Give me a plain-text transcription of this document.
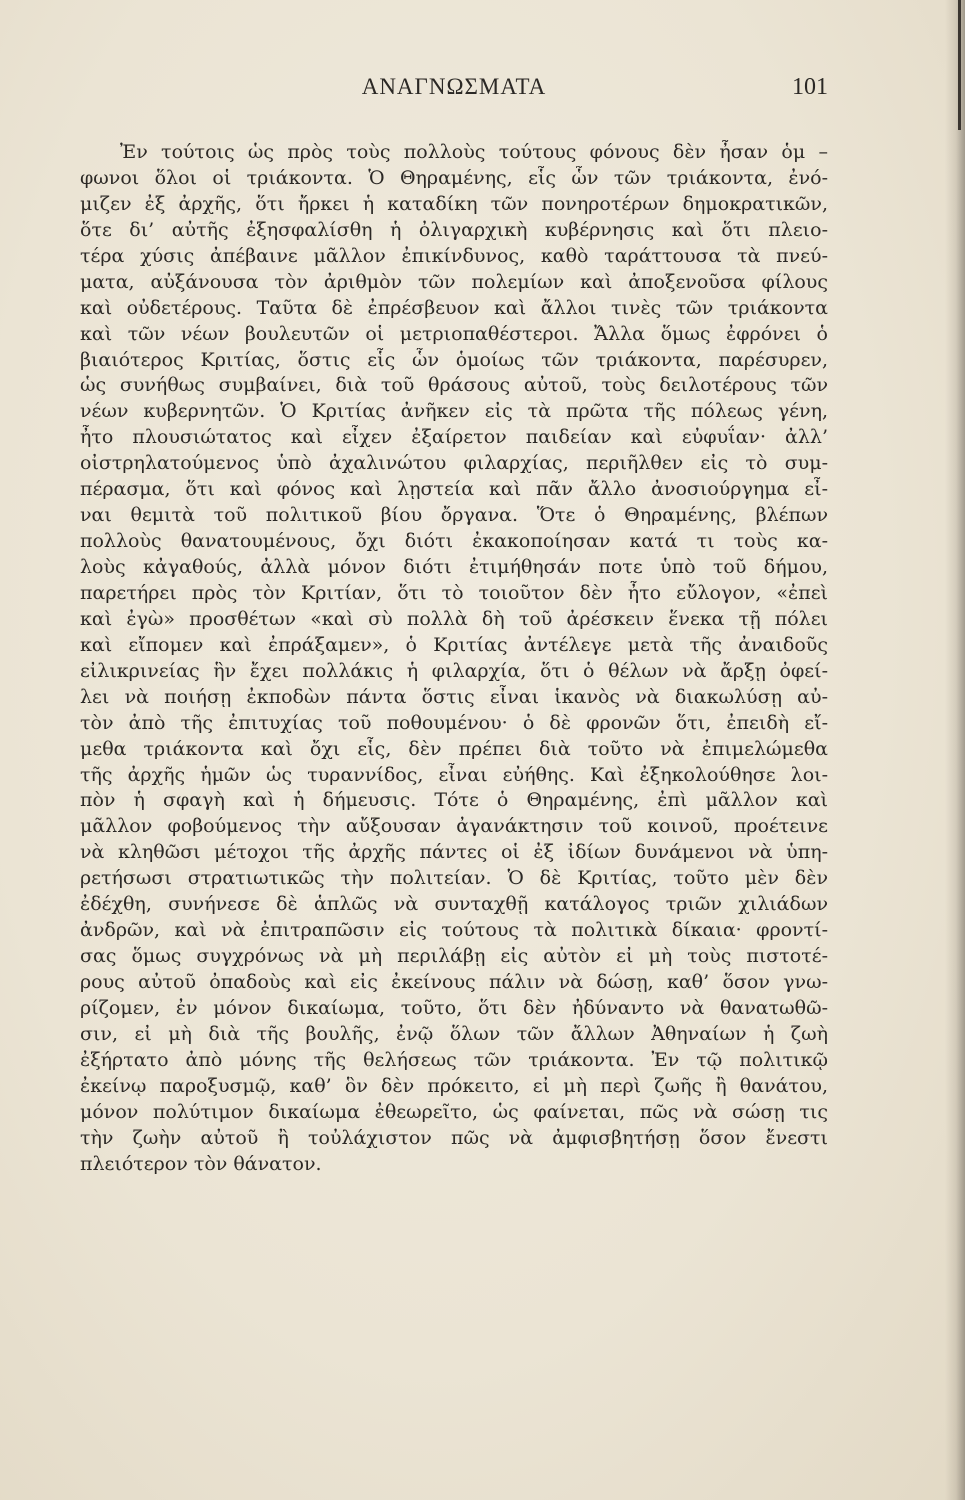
ΑΝΑΓΝΩΣΜΑΤΑ	101
Ἐν τούτοις ὡς πρὸς τοὺς πολλοὺς τούτους φόνους δὲν ἦσαν ὁμ –
φωνοι ὅλοι οἱ τριάκοντα. Ὁ Θηραμένης, εἷς ὧν τῶν τριάκοντα, ἐνό-
μιζεν ἐξ ἀρχῆς, ὅτι ἤρκει ἡ καταδίκη τῶν πονηροτέρων δημοκρατικῶν,
ὅτε δι’ αὐτῆς ἐξησφαλίσθη ἡ ὀλιγαρχικὴ κυβέρνησις καὶ ὅτι πλειο-
τέρα χύσις ἀπέβαινε μᾶλλον ἐπικίνδυνος, καθὸ ταράττουσα τὰ πνεύ-
ματα, αὐξάνουσα τὸν ἀριθμὸν τῶν πολεμίων καὶ ἀποξενοῦσα φίλους
καὶ οὐδετέρους. Ταῦτα δὲ ἐπρέσβευον καὶ ἄλλοι τινὲς τῶν τριάκοντα
καὶ τῶν νέων βουλευτῶν οἱ μετριοπαθέστεροι. Ἄλλα ὅμως ἐφρόνει ὁ
βιαιότερος Κριτίας, ὅστις εἷς ὧν ὁμοίως τῶν τριάκοντα, παρέσυρεν,
ὡς συνήθως συμβαίνει, διὰ τοῦ θράσους αὐτοῦ, τοὺς δειλοτέρους τῶν
νέων κυβερνητῶν. Ὁ Κριτίας ἀνῆκεν εἰς τὰ πρῶτα τῆς πόλεως γένη,
ἦτο πλουσιώτατος καὶ εἶχεν ἐξαίρετον παιδείαν καὶ εὐφυΐαν· ἀλλ’
οἰστρηλατούμενος ὑπὸ ἀχαλινώτου φιλαρχίας, περιῆλθεν εἰς τὸ συμ-
πέρασμα, ὅτι καὶ φόνος καὶ λῃστεία καὶ πᾶν ἄλλο ἀνοσιούργημα εἶ-
ναι θεμιτὰ τοῦ πολιτικοῦ βίου ὄργανα. Ὅτε ὁ Θηραμένης, βλέπων
πολλοὺς θανατουμένους, ὄχι διότι ἐκακοποίησαν κατά τι τοὺς κα-
λοὺς κἀγαθούς, ἀλλὰ μόνον διότι ἐτιμήθησάν ποτε ὑπὸ τοῦ δήμου,
παρετήρει πρὸς τὸν Κριτίαν, ὅτι τὸ τοιοῦτον δὲν ἦτο εὔλογον, «ἐπεὶ
καὶ ἐγὼ» προσθέτων «καὶ σὺ πολλὰ δὴ τοῦ ἀρέσκειν ἕνεκα τῇ πόλει
καὶ εἴπομεν καὶ ἐπράξαμεν», ὁ Κριτίας ἀντέλεγε μετὰ τῆς ἀναιδοῦς
εἰλικρινείας ἣν ἔχει πολλάκις ἡ φιλαρχία, ὅτι ὁ θέλων νὰ ἄρξῃ ὀφεί-
λει νὰ ποιήσῃ ἐκποδὼν πάντα ὅστις εἶναι ἱκανὸς νὰ διακωλύσῃ αὐ-
τὸν ἀπὸ τῆς ἐπιτυχίας τοῦ ποθουμένου· ὁ δὲ φρονῶν ὅτι, ἐπειδὴ εἴ-
μεθα τριάκοντα καὶ ὄχι εἷς, δὲν πρέπει διὰ τοῦτο νὰ ἐπιμελώμεθα
τῆς ἀρχῆς ἡμῶν ὡς τυραννίδος, εἶναι εὐήθης. Καὶ ἐξηκολούθησε λοι-
πὸν ἡ σφαγὴ καὶ ἡ δήμευσις. Τότε ὁ Θηραμένης, ἐπὶ μᾶλλον καὶ
μᾶλλον φοβούμενος τὴν αὔξουσαν ἀγανάκτησιν τοῦ κοινοῦ, προέτεινε
νὰ κληθῶσι μέτοχοι τῆς ἀρχῆς πάντες οἱ ἐξ ἰδίων δυνάμενοι νὰ ὑπη-
ρετήσωσι στρατιωτικῶς τὴν πολιτείαν. Ὁ δὲ Κριτίας, τοῦτο μὲν δὲν
ἐδέχθη, συνήνεσε δὲ ἁπλῶς νὰ συνταχθῇ κατάλογος τριῶν χιλιάδων
ἀνδρῶν, καὶ νὰ ἐπιτραπῶσιν εἰς τούτους τὰ πολιτικὰ δίκαια· φροντί-
σας ὅμως συγχρόνως νὰ μὴ περιλάβῃ εἰς αὐτὸν εἰ μὴ τοὺς πιστοτέ-
ρους αὐτοῦ ὀπαδοὺς καὶ εἰς ἐκείνους πάλιν νὰ δώσῃ, καθ’ ὅσον γνω-
ρίζομεν, ἐν μόνον δικαίωμα, τοῦτο, ὅτι δὲν ἠδύναντο νὰ θανατωθῶ-
σιν, εἰ μὴ διὰ τῆς βουλῆς, ἐνῷ ὅλων τῶν ἄλλων Ἀθηναίων ἡ ζωὴ
ἐξήρτατο ἀπὸ μόνης τῆς θελήσεως τῶν τριάκοντα. Ἐν τῷ πολιτικῷ
ἐκείνῳ παροξυσμῷ, καθ’ ὃν δὲν πρόκειτο, εἰ μὴ περὶ ζωῆς ἢ θανάτου,
μόνον πολύτιμον δικαίωμα ἐθεωρεῖτο, ὡς φαίνεται, πῶς νὰ σώσῃ τις
τὴν ζωὴν αὐτοῦ ἢ τοὐλάχιστον πῶς νὰ ἀμφισβητήσῃ ὅσον ἔνεστι
πλειότερον τὸν θάνατον.
